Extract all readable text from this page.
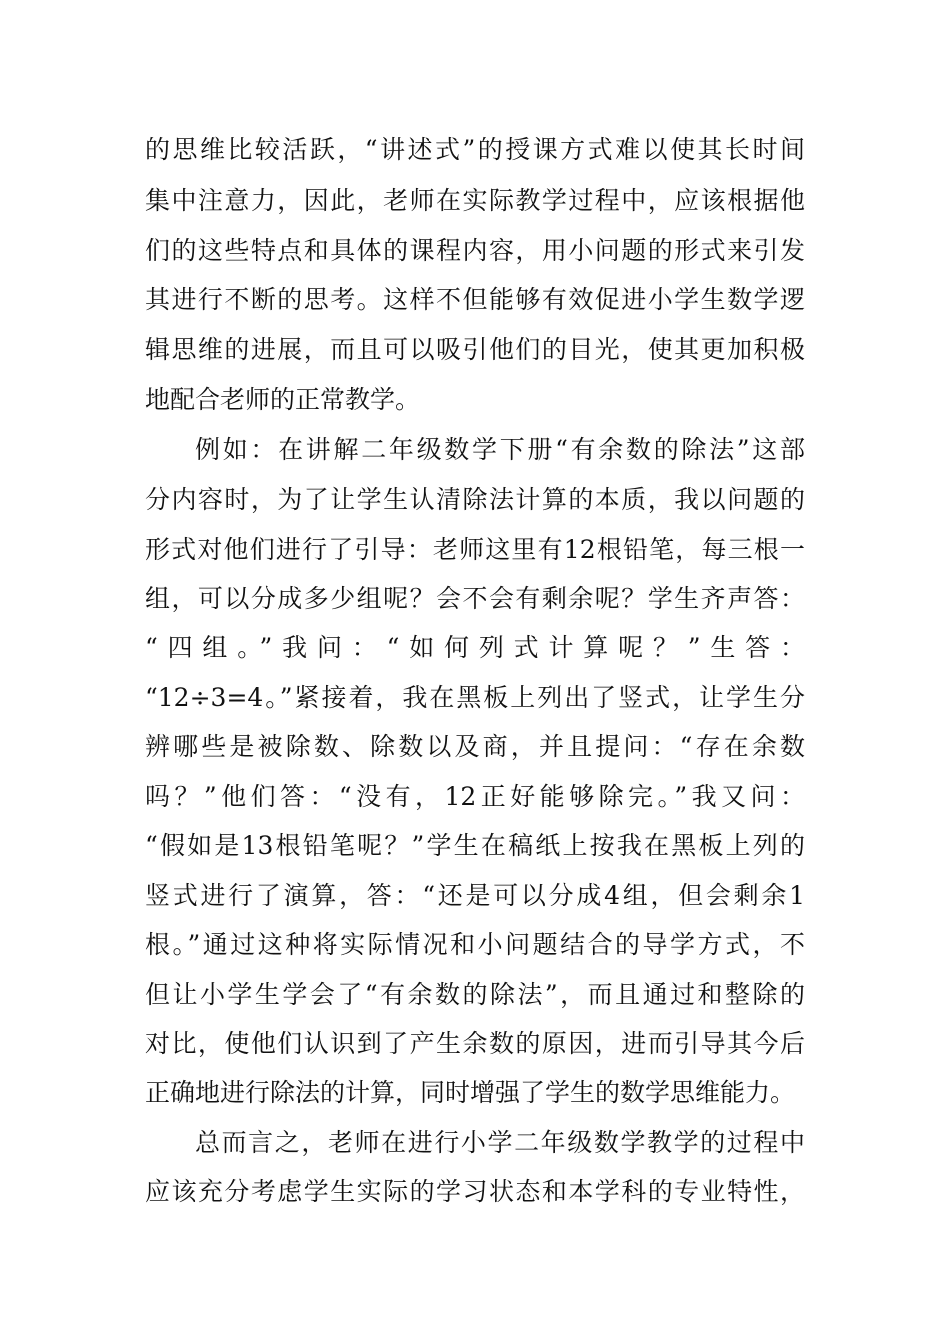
的思维比较活跃，“讲述式”的授课方式难以使其长时间
集中注意力，因此，老师在实际教学过程中，应该根据他
们的这些特点和具体的课程内容，用小问题的形式来引发
其进行不断的思考。这样不但能够有效促进小学生数学逻
辑思维的进展，而且可以吸引他们的目光，使其更加积极
地配合老师的正常教学。
例如：在讲解二年级数学下册“有余数的除法”这部
分内容时，为了让学生认清除法计算的本质，我以问题的
形式对他们进行了引导：老师这里有12根铅笔，每三根一
组，可以分成多少组呢？会不会有剩余呢？学生齐声答：
“四组。”我问：“如何列式计算呢？”生答：
“12÷3=4。”紧接着，我在黑板上列出了竖式，让学生分
辨哪些是被除数、除数以及商，并且提问：“存在余数
吗？”他们答：“没有，12正好能够除完。”我又问：
“假如是13根铅笔呢？”学生在稿纸上按我在黑板上列的
竖式进行了演算，答：“还是可以分成4组，但会剩余1
根。”通过这种将实际情况和小问题结合的导学方式，不
但让小学生学会了“有余数的除法”，而且通过和整除的
对比，使他们认识到了产生余数的原因，进而引导其今后
正确地进行除法的计算，同时增强了学生的数学思维能力。
总而言之，老师在进行小学二年级数学教学的过程中
应该充分考虑学生实际的学习状态和本学科的专业特性，
